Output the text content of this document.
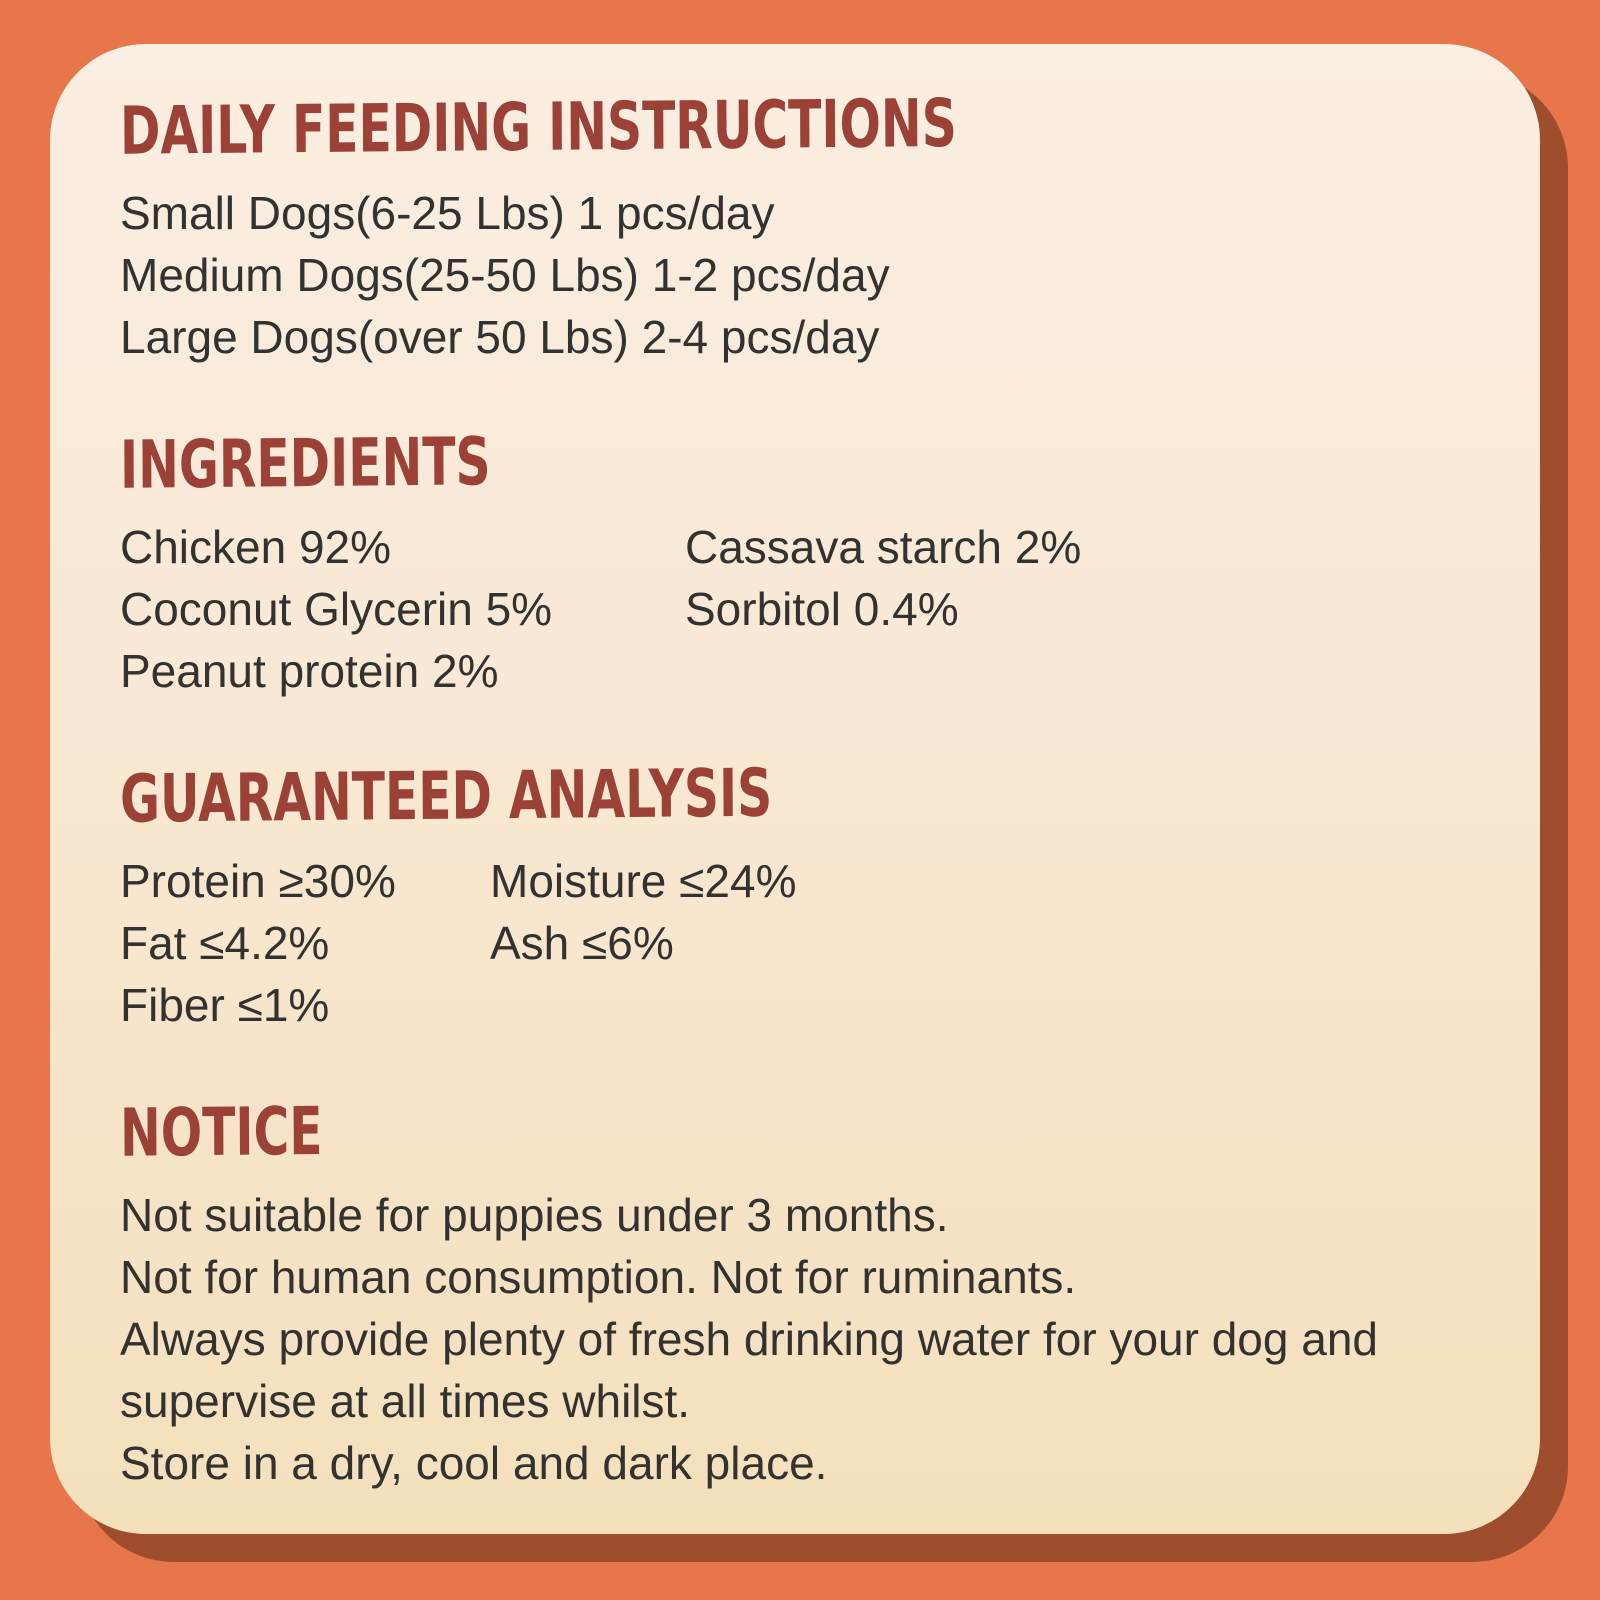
DAILY FEEDING INSTRUCTIONS
Small Dogs(6-25 Lbs) 1 pcs/day
Medium Dogs(25-50 Lbs) 1-2 pcs/day
Large Dogs(over 50 Lbs) 2-4 pcs/day
INGREDIENTS
Chicken 92%
Coconut Glycerin 5%
Peanut protein 2%
Cassava starch 2%
Sorbitol 0.4%
GUARANTEED ANALYSIS
Protein ≥30%
Fat ≤4.2%
Fiber ≤1%
Moisture ≤24%
Ash ≤6%
NOTICE
Not suitable for puppies under 3 months.
Not for human consumption. Not for ruminants.
Always provide plenty of fresh drinking water for your dog and
supervise at all times whilst.
Store in a dry, cool and dark place.
